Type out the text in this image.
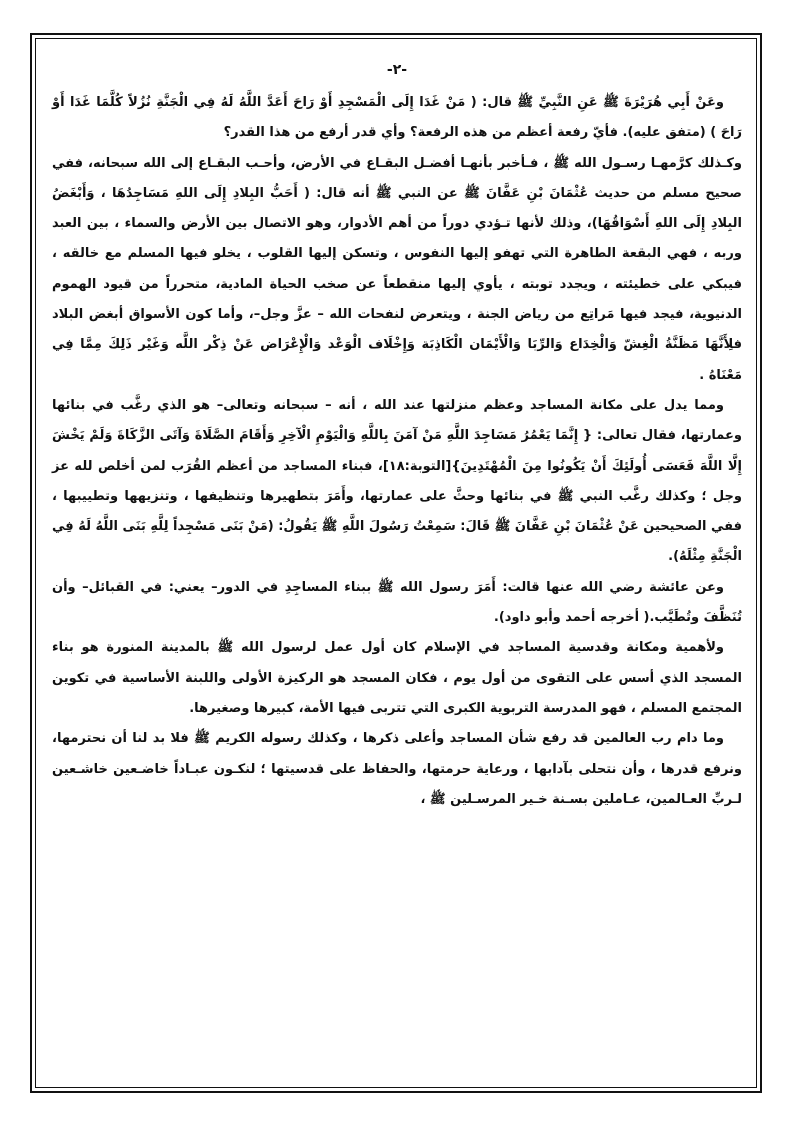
-٢-

وعَنْ أَبِي هُرَيْرَةَ ﷺ عَنِ النَّبِيِّ ﷺ قال: ( مَنْ غَدَا إِلَى الْمَسْجِدِ أَوْ رَاحَ أَعَدَّ اللَّهُ لَهُ فِي الْجَنَّةِ نُزُلاً كُلَّمَا غَدَا أَوْ رَاحَ ) (متفق عليه). فأيّ رفعة أعظم من هذه الرفعة؟ وأي قدر أرفع من هذا القدر؟

وكـذلك كرَّمهـا رسـول الله ﷺ ، فـأخبر بأنهـا أفضـل البقـاع في الأرض، وأحـب البقـاع إلى الله سبحانه، ففي صحيح مسلم من حديث عُثْمَانَ بْنِ عَفَّانَ ﷺ عن النبي ﷺ أنه قال: ( أَحَبُّ البِلادِ إِلَى اللهِ مَسَاجِدُهَا ، وَأَبْغَضُ البِلادِ إِلَى اللهِ أَسْوَاقُهَا)، وذلك لأنها تـؤدي دوراً من أهم الأدوار، وهو الاتصال بين الأرض والسماء ، بين العبد وربه ، فهي البقعة الطاهرة التي تهفو إليها النفوس ، وتسكن إليها القلوب ، يخلو فيها المسلم مع خالقه ، فيبكي على خطيئته ، ويجدد توبته ، يأوي إليها منقطعاً عن صخب الحياة المادية، متحرراً من قيود الهموم الدنيوية، فيجد فيها مَراتِع من رياض الجنة ، ويتعرض لنفحات الله – عزَّ وجل–، وأما كون الأسواق أبغض البلاد فلِأَنَّهَا مَظَنَّةُ الْغِشّ وَالْخِدَاع وَالرِّبَا وَالْأَيْمَان الْكَاذِبَة وَإِخْلَاف الْوَعْد وَالْإِعْرَاض عَنْ ذِكْر اللَّه وَغَيْر ذَلِكَ مِمَّا فِي مَعْنَاهُ .

ومما يدل على مكانة المساجد وعظم منزلتها عند الله ، أنه – سبحانه وتعالى– هو الذي رغَّب في بنائها وعمارتها، فقال تعالى: { إِنَّمَا يَعْمُرُ مَسَاجِدَ اللَّهِ مَنْ آمَنَ بِاللَّهِ وَالْيَوْمِ الْآخِرِ وَأَقَامَ الصَّلَاةَ وَآتَى الزَّكَاةَ وَلَمْ يَخْشَ إِلَّا اللَّهَ فَعَسَى أُولَئِكَ أَنْ يَكُونُوا مِنَ الْمُهْتَدِينَ}[التوبة:١٨]، فبناء المساجد من أعظم القُرَب لمن أخلص لله عز وجل ؛ وكذلك رغَّب النبي ﷺ في بنائها وحثَّ على عمارتها، وأَمَرَ بتطهيرها وتنظيفها ، وتنزيهها وتطييبها ، ففي الصحيحين عَنْ عُثْمَانَ بْنِ عَفَّانَ ﷺ قَالَ: سَمِعْتُ رَسُولَ اللَّهِ ﷺ يَقُولُ: (مَنْ بَنَى مَسْجِداً لِلَّهِ بَنَى اللَّهُ لَهُ فِي الْجَنَّةِ مِثْلَهُ).

وعن عائشة رضي الله عنها قالت: أَمَرَ رسول الله ﷺ ببناء المساجِدِ في الدور– يعني: في القبائل– وأن تُنَظَّفَ وتُطَيَّب.( أخرجه أحمد وأبو داود).

ولأهمية ومكانة وقدسية المساجد في الإسلام كان أول عمل لرسول الله ﷺ بالمدينة المنورة هو بناء المسجد الذي أسس على التقوى من أول يوم ، فكان المسجد هو الركيزة الأولى واللبنة الأساسية في تكوين المجتمع المسلم ، فهو المدرسة التربوية الكبرى التي تتربى فيها الأمة، كبيرها وصغيرها.

وما دام رب العالمين قد رفع شأن المساجد وأعلى ذكرها ، وكذلك رسوله الكريم ﷺ فلا بد لنا أن نحترمها، ونرفع قدرها ، وأن نتحلى بآدابها ، ورعاية حرمتها، والحفاظ على قدسيتها ؛ لنكـون عبـاداً خاضـعين خاشـعين لـربِّ العـالمين، عـاملين بسـنة خـير المرسـلين ﷺ ،
